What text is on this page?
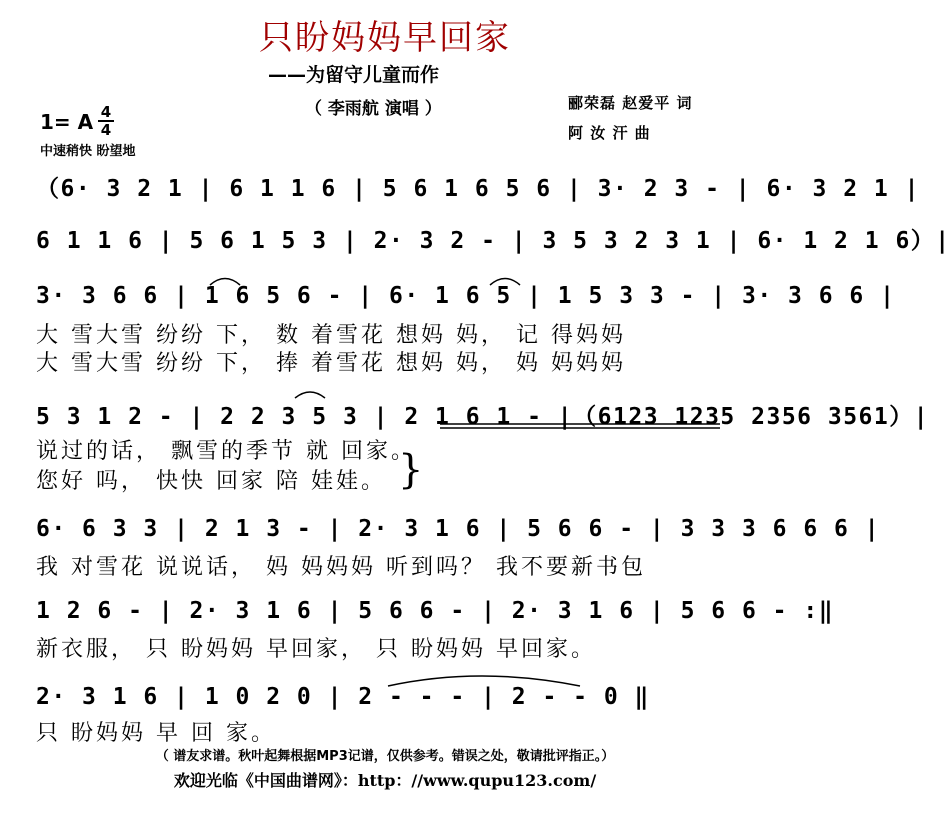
只盼妈妈早回家
——为留守儿童而作
（ 李雨航 演唱 ）	郦荣磊 赵爱平 词
阿 汝 汗 曲
1= A 4
4
中速稍快 盼望地
（6· 3 2 1 | 6 1 1 6 | 5 6 1 6 5 6 | 3· 2 3 - | 6· 3 2 1 |
6 1 1 6 | 5 6 1 5 3 | 2· 3 2 - | 3 5 3 2 3 1 | 6· 1 2 1 6）|
3· 3 6 6 | 1 6 5 6 - | 6· 1 6 5 | 1 5 3 3 - | 3· 3 6 6 |
大 雪大雪 纷纷 下， 数 着雪花 想妈 妈， 记 得妈妈
大 雪大雪 纷纷 下， 捧 着雪花 想妈 妈， 妈 妈妈妈
5 3 1 2 - | 2 2 3 5 3 | 2 1 6 1 - |（6123 1235 2356 3561）|
说过的话， 飘雪的季节 就 回家。
您好 吗， 快快 回家 陪 娃娃。 }
6· 6 3 3 | 2 1 3 - | 2· 3 1 6 | 5 6 6 - | 3 3 3 6 6 6 |
我 对雪花 说说话， 妈 妈妈妈 听到吗？ 我不要新书包
1 2 6 - | 2· 3 1 6 | 5 6 6 - | 2· 3 1 6 | 5 6 6 - :‖
新衣服， 只 盼妈妈 早回家， 只 盼妈妈 早回家。
2· 3 1 6 | 1 0 2 0 | 2 - - - | 2 - - 0 ‖
只 盼妈妈 早 回 家。
（ 谱友求谱。秋叶起舞根据MP3记谱，仅供参考。错误之处，敬请批评指正。）
欢迎光临《中国曲谱网》：http：//www.qupu123.com/
